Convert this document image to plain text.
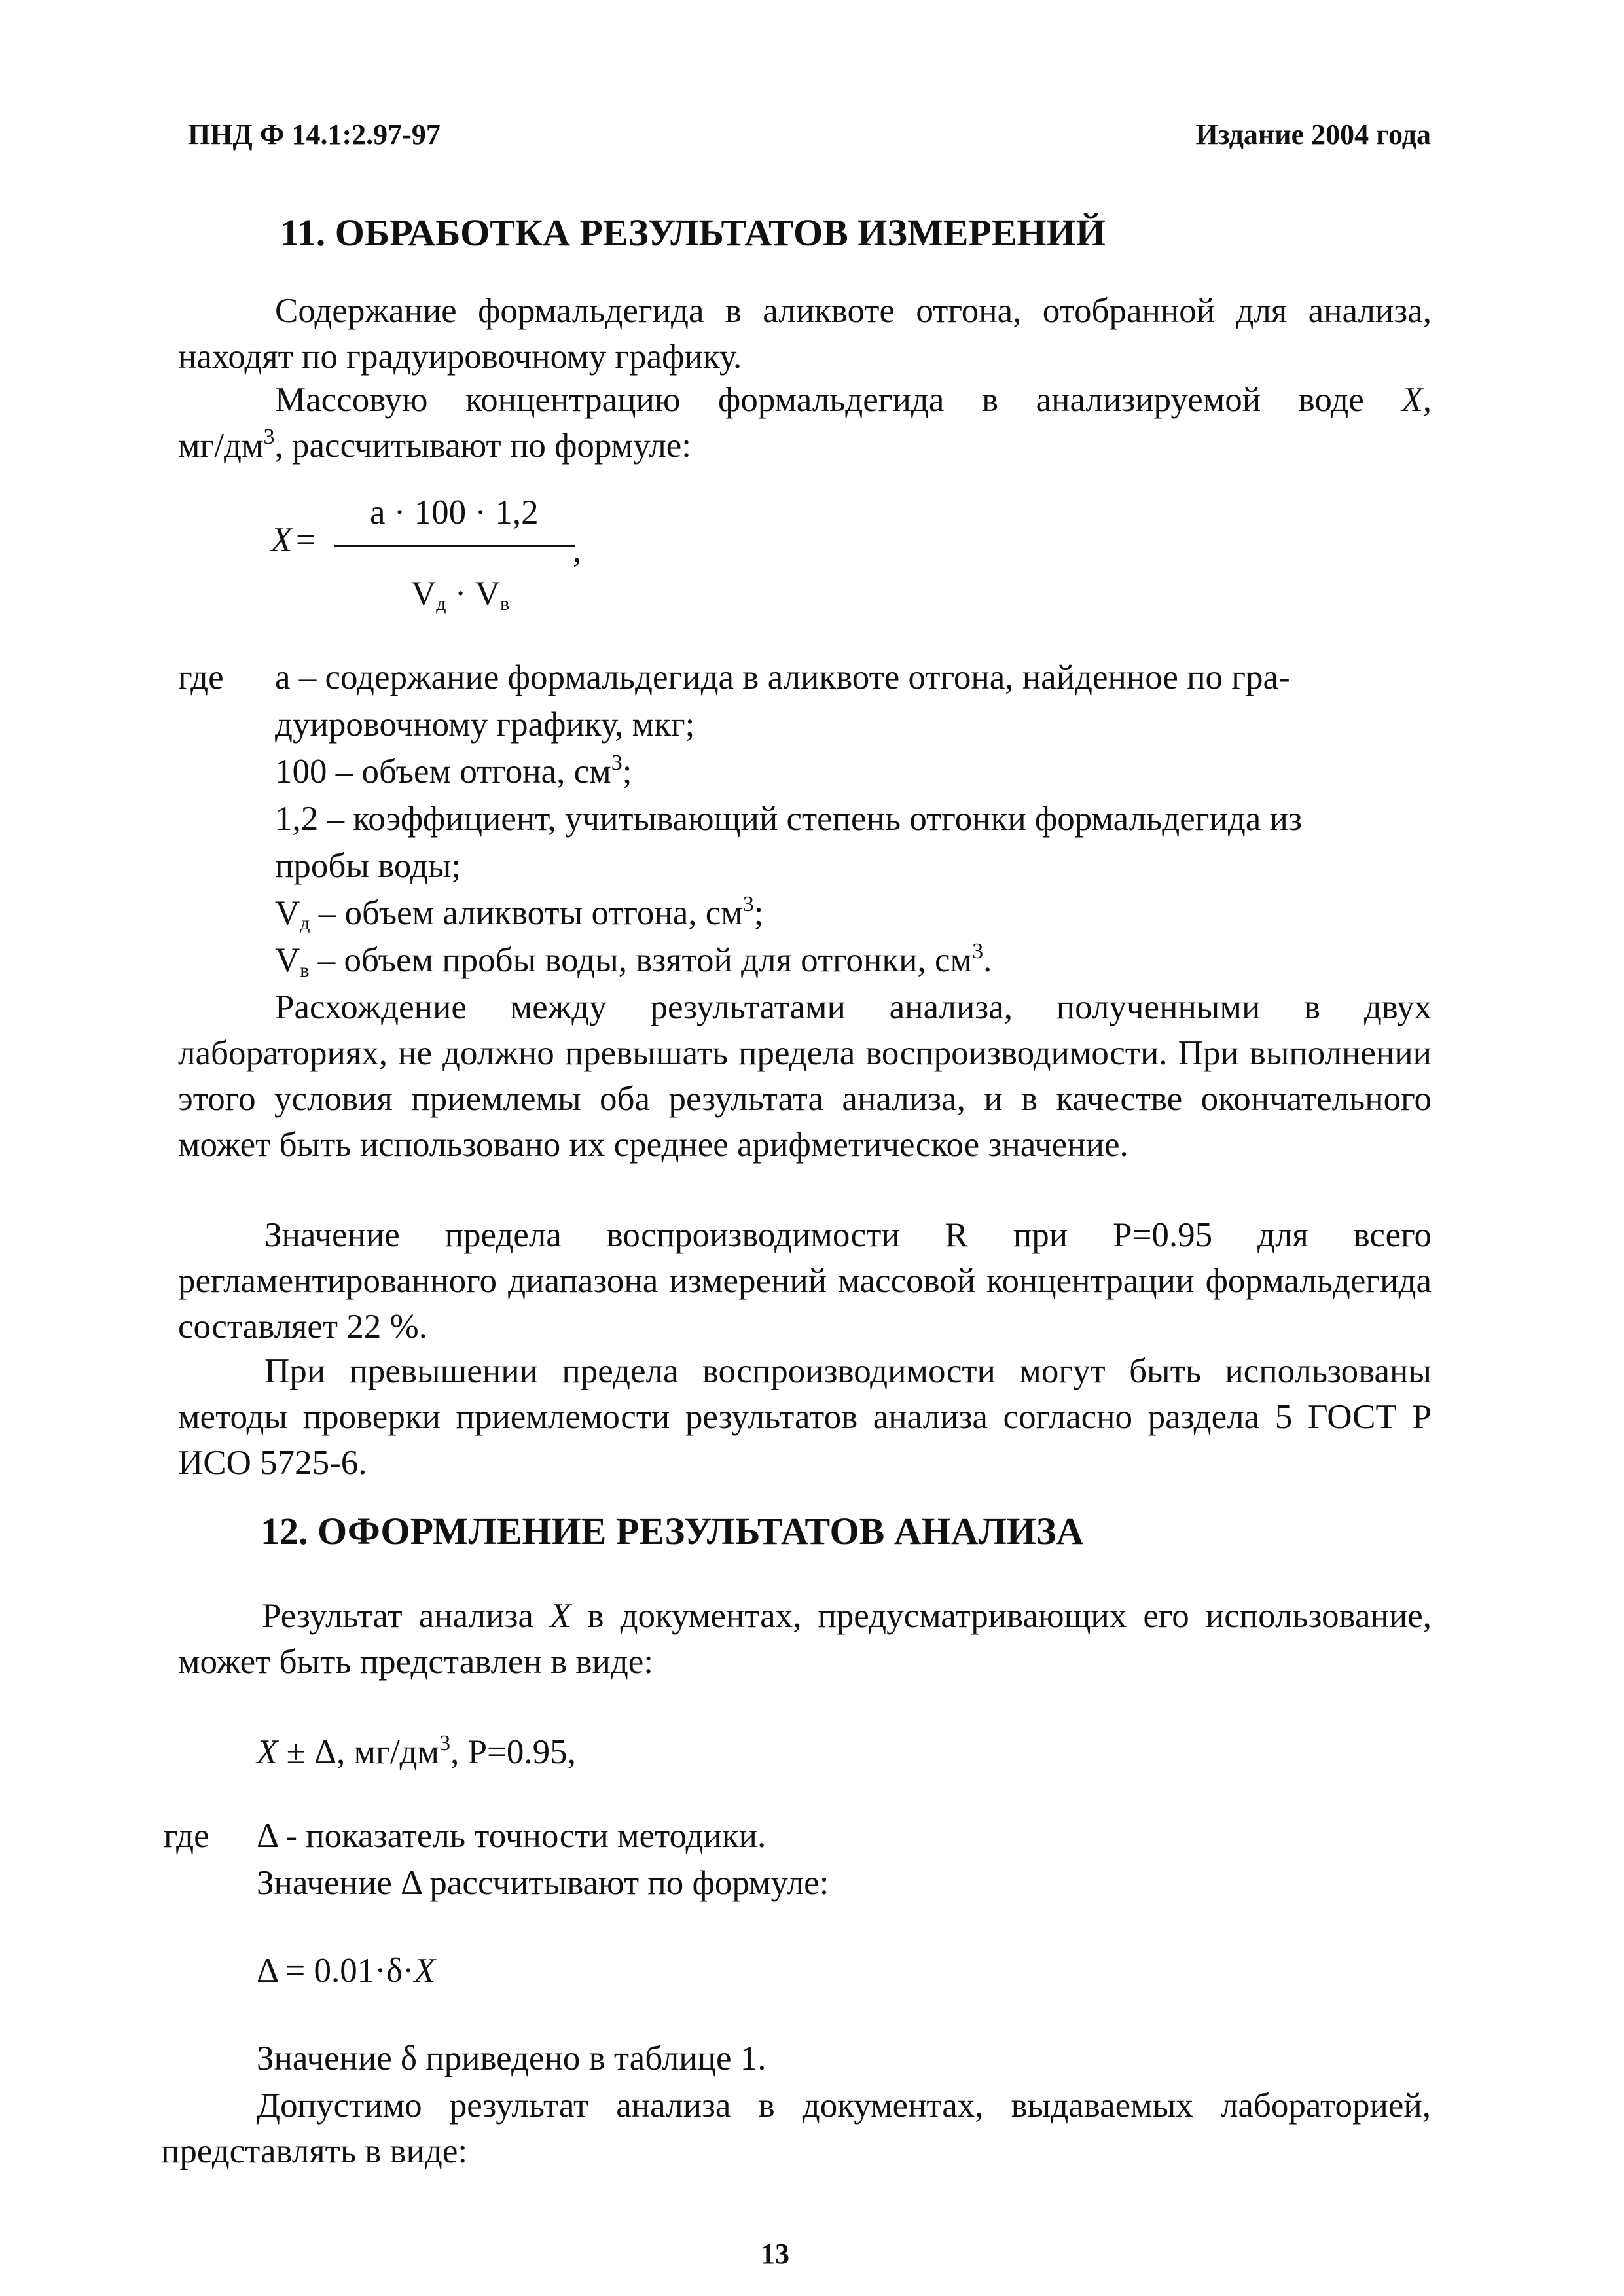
ПНД Ф 14.1:2.97-97	Издание 2004 года
11. ОБРАБОТКА РЕЗУЛЬТАТОВ ИЗМЕРЕНИЙ
Содержание формальдегида в аликвоте отгона, отобранной для анализа, находят по градуировочному графику.
Массовую концентрацию формальдегида в анализируемой воде X,
$мг/дм^3$, рассчитывают по формуле:
X =
a · 100 · 1,2
,
$V_д \cdot V_в$
где a – содержание формальдегида в аликвоте отгона, найденное по гра-
дуировочному графику, мкг;
100 – объем отгона, $см^3$;
1,2 – коэффициент, учитывающий степень отгонки формальдегида из
пробы воды;
$V_д$ – объем аликвоты отгона, $см^3$;
$V_в$ – объем пробы воды, взятой для отгонки, $см^3$.
Расхождение между результатами анализа, полученными в двух лабораториях, не должно превышать предела воспроизводимости. При выполнении этого условия приемлемы оба результата анализа, и в качестве окончательного может быть использовано их среднее арифметическое значение.
Значение предела воспроизводимости R при P=0.95 для всего регламентированного диапазона измерений массовой концентрации формальдегида составляет 22 %.
При превышении предела воспроизводимости могут быть использованы методы проверки приемлемости результатов анализа согласно раздела 5 ГОСТ Р ИСО 5725-6.
12. ОФОРМЛЕНИЕ РЕЗУЛЬТАТОВ АНАЛИЗА
Результат анализа X в документах, предусматривающих его использование, может быть представлен в виде:
X ± Δ, $мг/дм^3$, P=0.95,
где Δ - показатель точности методики.
Значение Δ рассчитывают по формуле:
Δ = 0.01·δ·X
Значение δ приведено в таблице 1.
Допустимо результат анализа в документах, выдаваемых лабораторией, представлять в виде:
13
